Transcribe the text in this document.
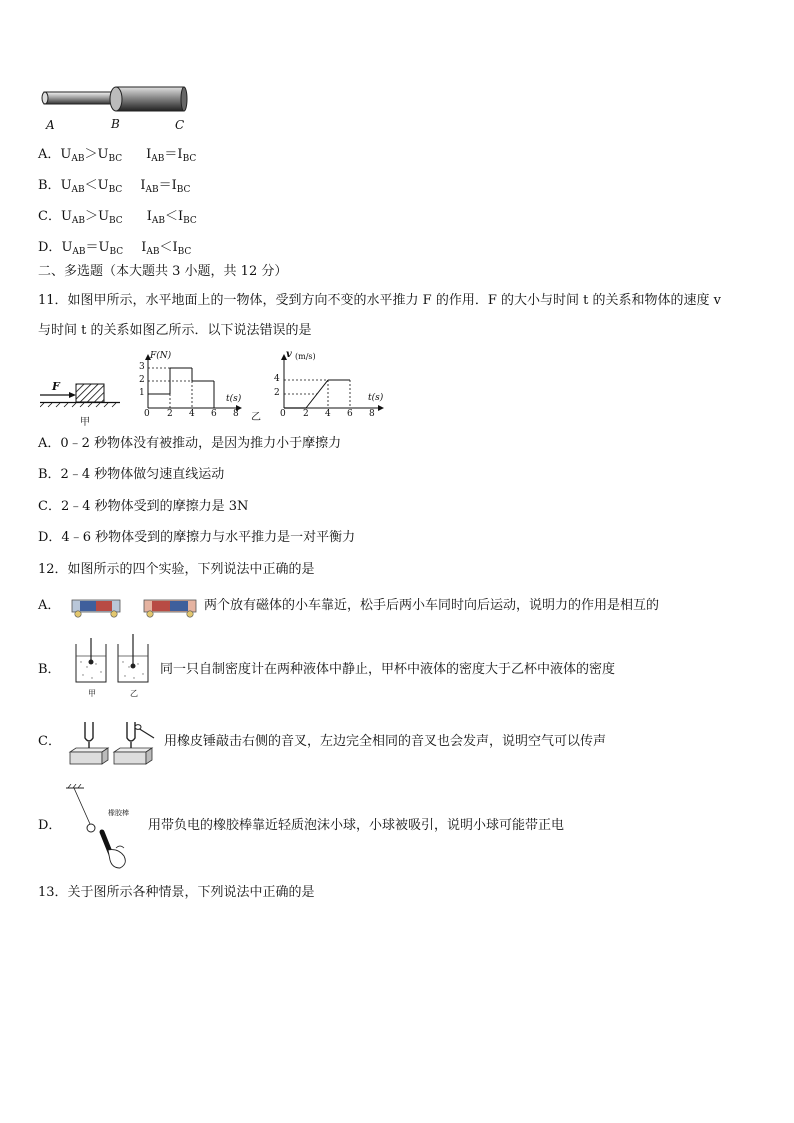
A	B	C
A．$U_{AB}>U_{BC}$ $I_{AB}=I_{BC}$
B．$U_{AB}<U_{BC}$ $I_{AB}=I_{BC}$
C．$U_{AB}>U_{BC}$ $I_{AB}<I_{BC}$
D．$U_{AB}=U_{BC}$ $I_{AB}<I_{BC}$
二、多选题（本大题共 3 小题，共 12 分）
11．如图甲所示，水平地面上的一物体，受到方向不变的水平推力 F 的作用．F 的大小与时间 t 的关系和物体的速度 v
与时间 t 的关系如图乙所示．以下说法错误的是
F
甲
F(N)
t(s)
3
2
1
0 2 4 6 8 乙
v (m/s)
t(s)
4
2
0 2 4 6 8
A．0﹣2 秒物体没有被推动，是因为推力小于摩擦力
B．2﹣4 秒物体做匀速直线运动
C．2﹣4 秒物体受到的摩擦力是 3N
D．4﹣6 秒物体受到的摩擦力与水平推力是一对平衡力
12．如图所示的四个实验，下列说法中正确的是
A．	两个放有磁体的小车靠近，松手后两小车同时向后运动，说明力的作用是相互的
B．
甲	乙
同一只自制密度计在两种液体中静止，甲杯中液体的密度大于乙杯中液体的密度
C．	用橡皮锤敲击右侧的音叉，左边完全相同的音叉也会发声，说明空气可以传声
D．
橡胶棒
用带负电的橡胶棒靠近轻质泡沫小球，小球被吸引，说明小球可能带正电
13．关于图所示各种情景，下列说法中正确的是
